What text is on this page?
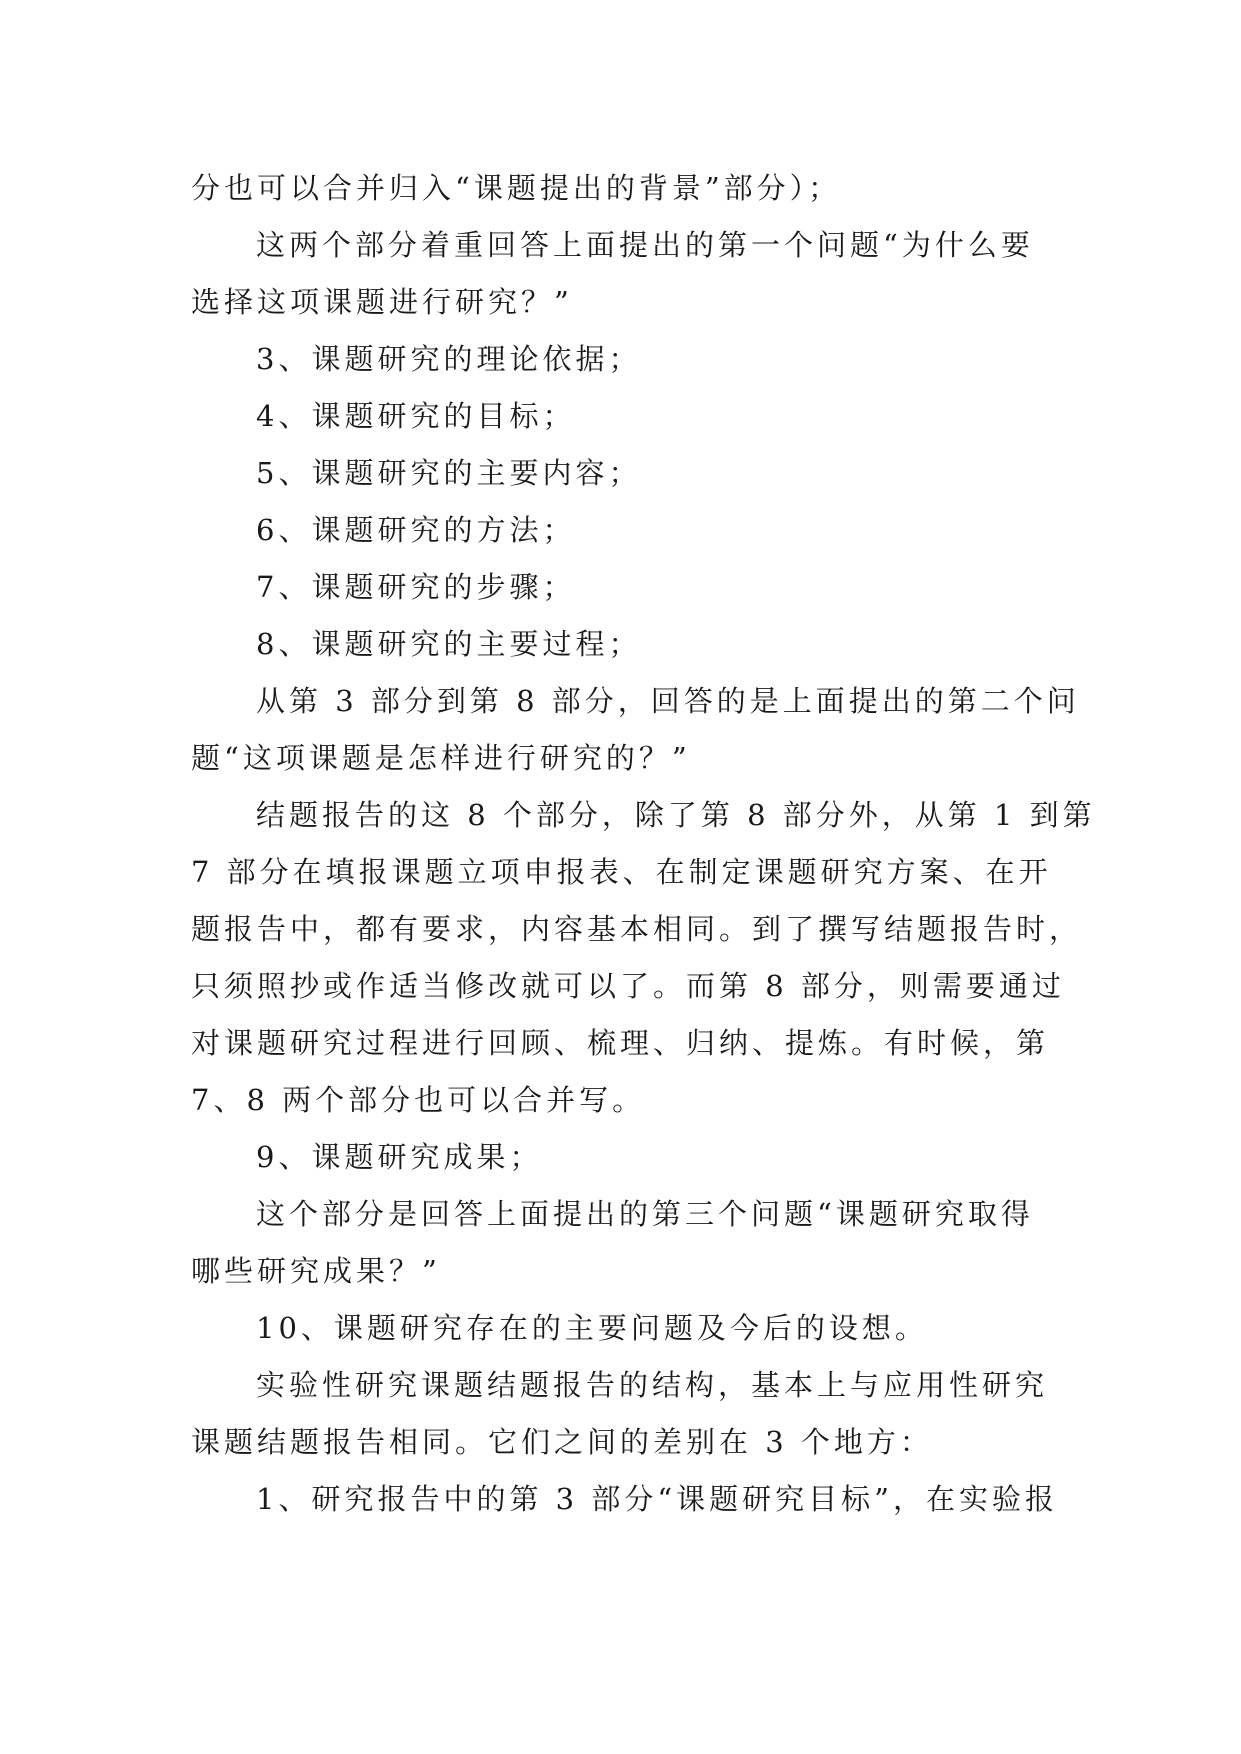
分也可以合并归入“课题提出的背景”部分）；
这两个部分着重回答上面提出的第一个问题“为什么要
选择这项课题进行研究？”
3、课题研究的理论依据；
4、课题研究的目标；
5、课题研究的主要内容；
6、课题研究的方法；
7、课题研究的步骤；
8、课题研究的主要过程；
从第 3 部分到第 8 部分，回答的是上面提出的第二个问
题“这项课题是怎样进行研究的？”
结题报告的这 8 个部分，除了第 8 部分外，从第 1 到第
7 部分在填报课题立项申报表、在制定课题研究方案、在开
题报告中，都有要求，内容基本相同。到了撰写结题报告时，
只须照抄或作适当修改就可以了。而第 8 部分，则需要通过
对课题研究过程进行回顾、梳理、归纳、提炼。有时候，第
7、8 两个部分也可以合并写。
9、课题研究成果；
这个部分是回答上面提出的第三个问题“课题研究取得
哪些研究成果？”
10、课题研究存在的主要问题及今后的设想。
实验性研究课题结题报告的结构，基本上与应用性研究
课题结题报告相同。它们之间的差别在 3 个地方：
1、研究报告中的第 3 部分“课题研究目标”，在实验报
